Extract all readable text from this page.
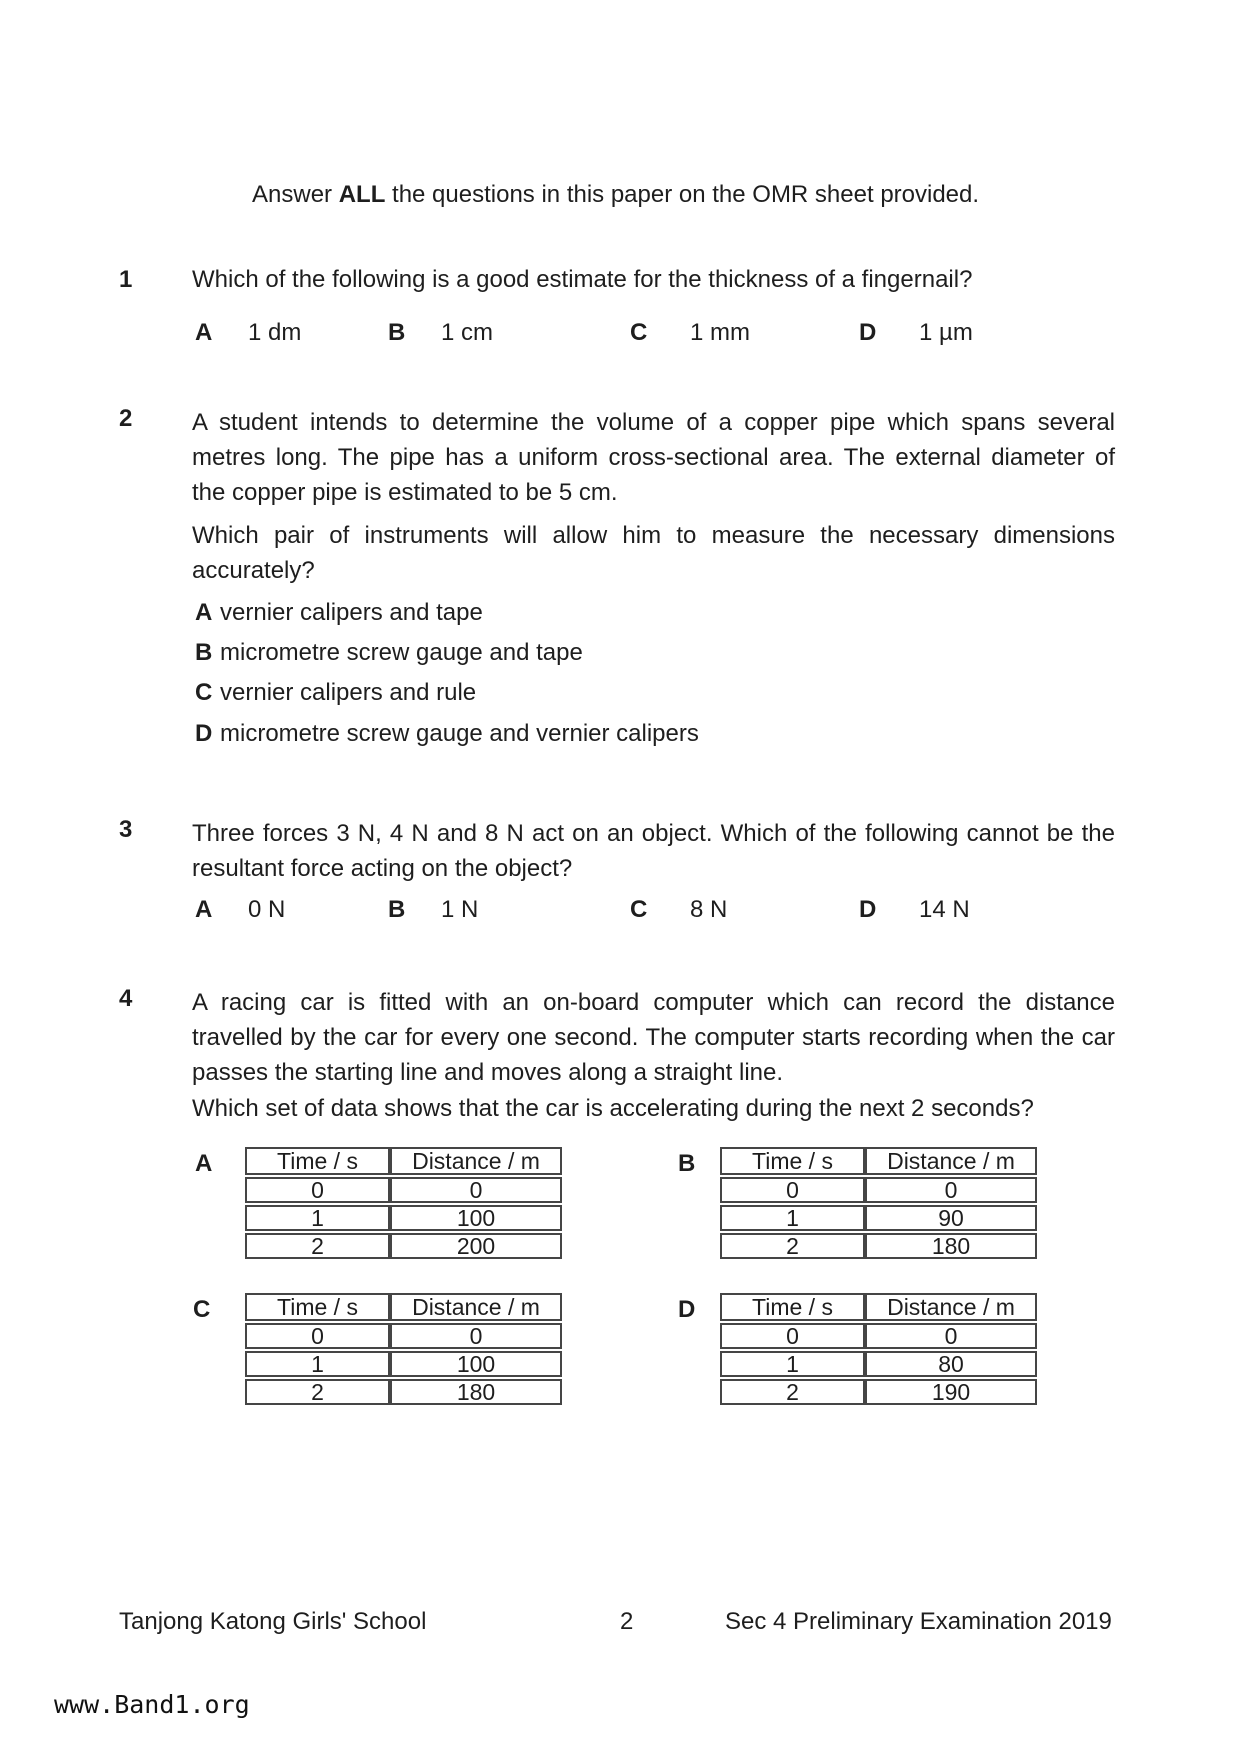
Answer ALL the questions in this paper on the OMR sheet provided.
1 Which of the following is a good estimate for the thickness of a fingernail?
A 1 dm	B 1 cm	C 1 mm	D 1 µm
2 A student intends to determine the volume of a copper pipe which spans several
metres long. The pipe has a uniform cross-sectional area. The external diameter of
the copper pipe is estimated to be 5 cm.
Which pair of instruments will allow him to measure the necessary dimensions
accurately?
A vernier calipers and tape
B micrometre screw gauge and tape
C vernier calipers and rule
D micrometre screw gauge and vernier calipers
3 Three forces 3 N, 4 N and 8 N act on an object. Which of the following cannot be the
resultant force acting on the object?
A 0 N	B 1 N	C 8 N	D 14 N
4 A racing car is fitted with an on-board computer which can record the distance
travelled by the car for every one second. The computer starts recording when the car
passes the starting line and moves along a straight line.
Which set of data shows that the car is accelerating during the next 2 seconds?
A	Time / s	Distance / m
0	0
1	100
2	200
B Time / s	Distance / m
0	0
1	90
2	180
C	Time / s	Distance / m
0	0
1	100
2	180
D Time / s	Distance / m
0	0
1	80
2	190
Tanjong Katong Girls' School	2	Sec 4 Preliminary Examination 2019
www.Band1.org
